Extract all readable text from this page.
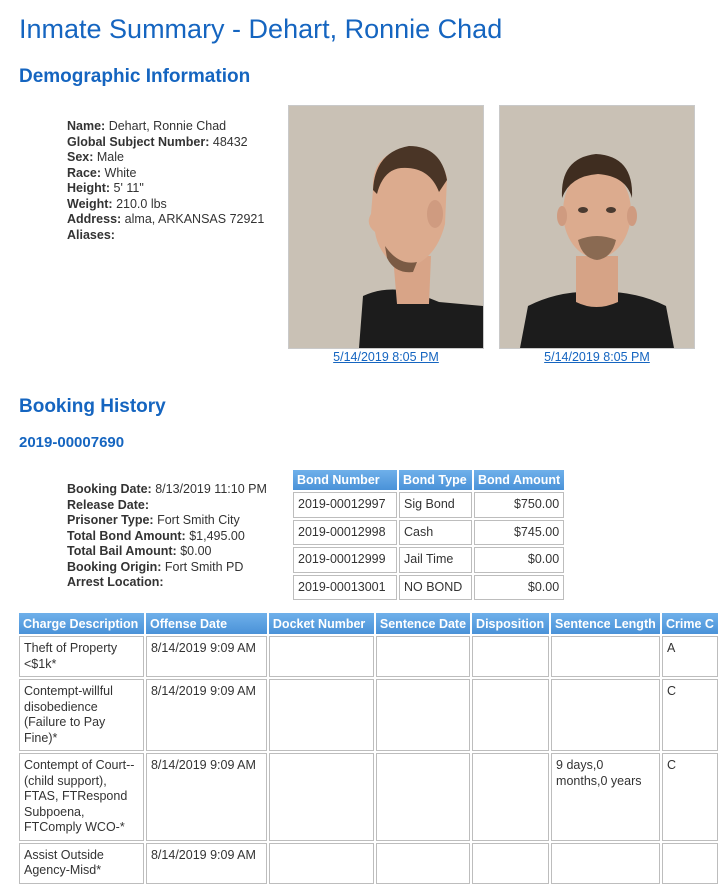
Inmate Summary - Dehart, Ronnie Chad
Demographic Information
Name: Dehart, Ronnie Chad
Global Subject Number: 48432
Sex: Male
Race: White
Height: 5' 11"
Weight: 210.0 lbs
Address: alma, ARKANSAS 72921
Aliases:
5/14/2019 8:05 PM	5/14/2019 8:05 PM
Booking History
2019-00007690
Booking Date: 8/13/2019 11:10 PM
Release Date:
Prisoner Type: Fort Smith City
Total Bond Amount: $1,495.00
Total Bail Amount: $0.00
Booking Origin: Fort Smith PD
Arrest Location:
Bond Number	Bond Type	Bond Amount
2019-00012997	Sig Bond	$750.00
2019-00012998	Cash	$745.00
2019-00012999	Jail Time	$0.00
2019-00013001	NO BOND	$0.00
Charge Description	Offense Date	Docket Number	Sentence Date	Disposition	Sentence Length	Crime C
Theft of Property <$1k*	8/14/2019 9:09 AM					A
Contempt-willful disobedience (Failure to Pay Fine)*	8/14/2019 9:09 AM					C
Contempt of Court--(child support), FTAS, FTRespond Subpoena, FTComply WCO-*	8/14/2019 9:09 AM				9 days,0 months,0 years	C
Assist Outside Agency-Misd*	8/14/2019 9:09 AM					
